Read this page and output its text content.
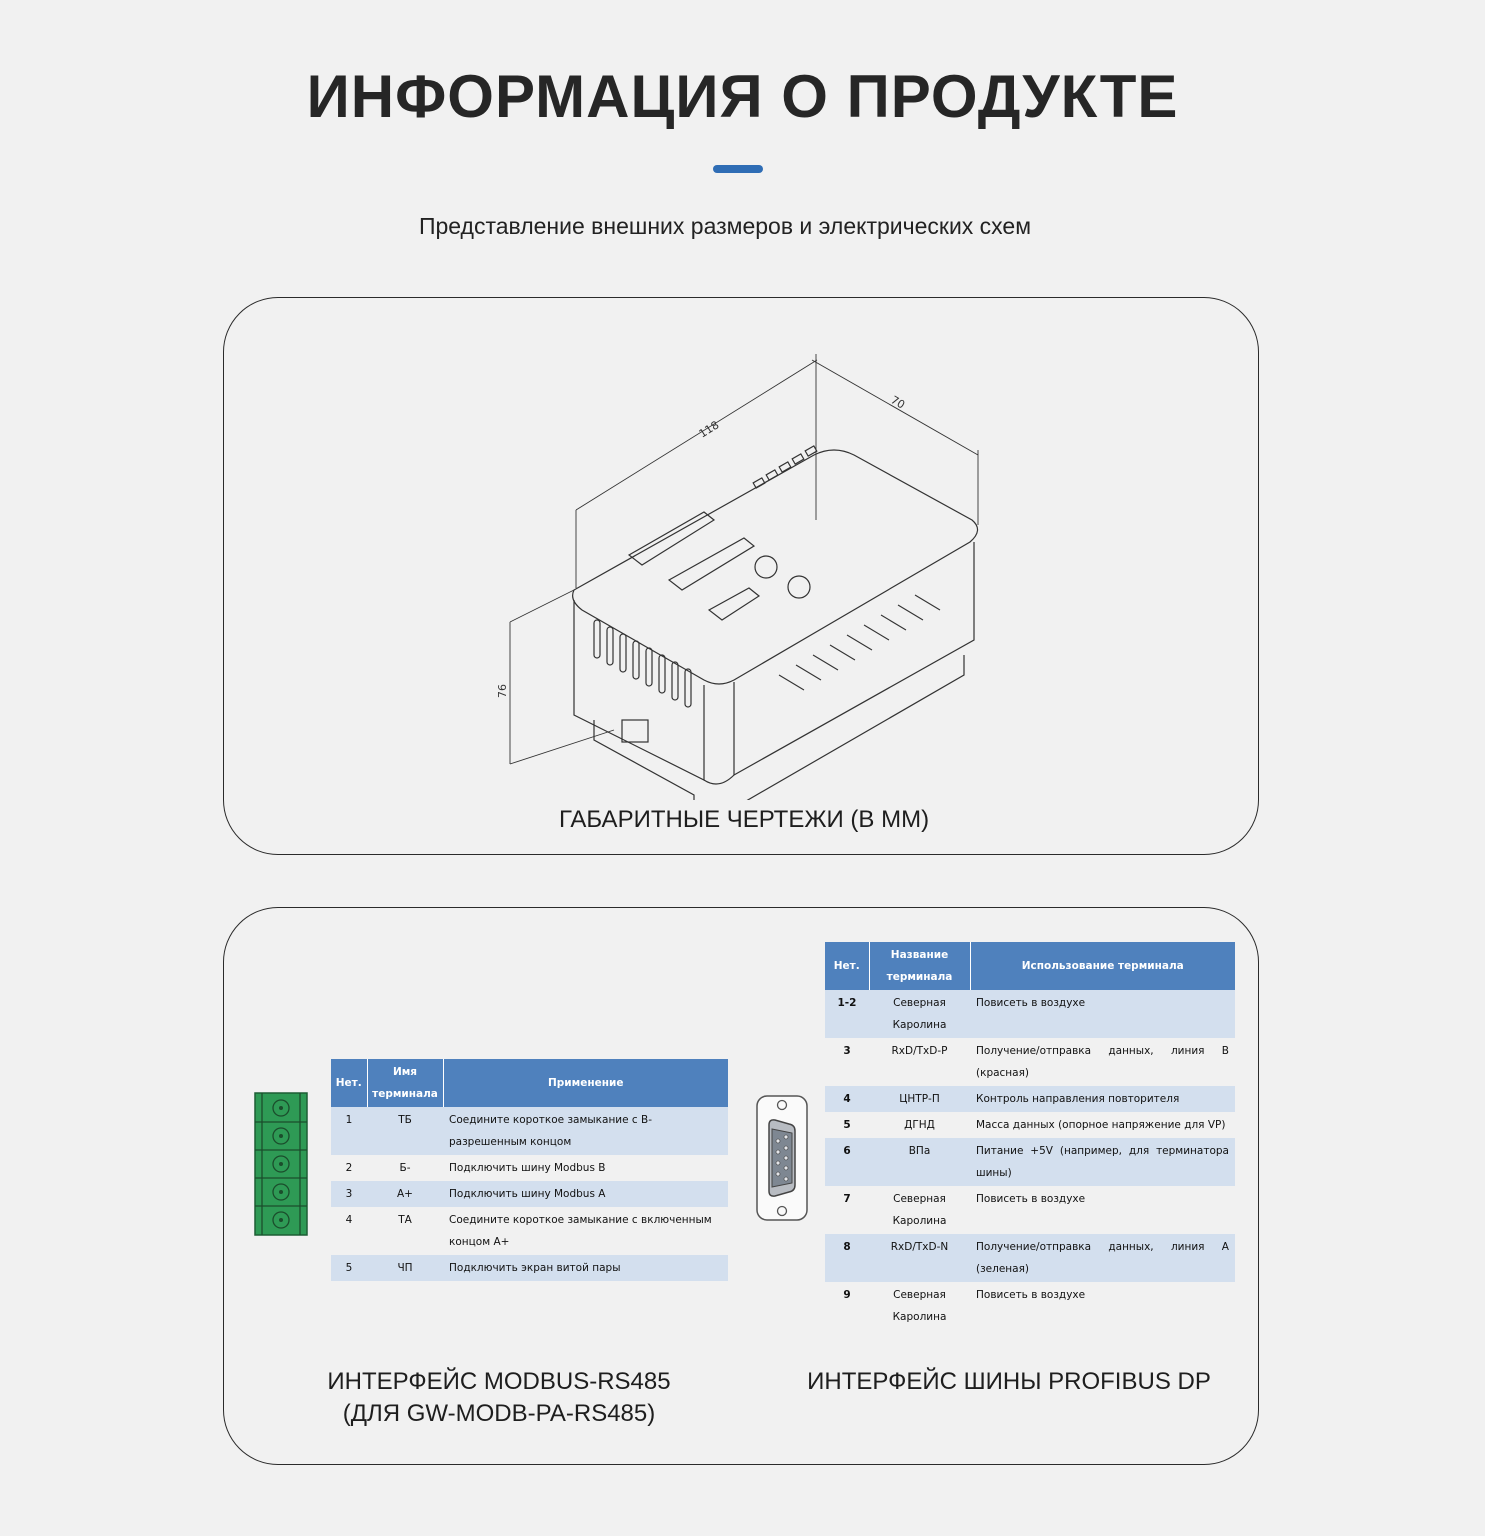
ИНФОРМАЦИЯ О ПРОДУКТЕ
Представление внешних размеров и электрических схем
118
70
76
ГАБАРИТНЫЕ ЧЕРТЕЖИ (В ММ)
Нет.	Имя терминала	Применение
1	ТБ	Соедините короткое замыкание с B-разрешенным концом
2	Б-	Подключить шину Modbus B
3	А+	Подключить шину Modbus A
4	ТА	Соедините короткое замыкание с включенным концом A+
5	ЧП	Подключить экран витой пары
Нет.	Название терминала	Использование терминала
1-2	Северная Каролина	Повисеть в воздухе
3	RxD/TxD-P	Получение/отправка данных, линия B (красная)
4	ЦНТР-П	Контроль направления повторителя
5	ДГНД	Масса данных (опорное напряжение для VP)
6	ВПа	Питание +5V (например, для терминатора шины)
7	Северная Каролина	Повисеть в воздухе
8	RxD/TxD-N	Получение/отправка данных, линия A (зеленая)
9	Северная Каролина	Повисеть в воздухе
ИНТЕРФЕЙС MODBUS-RS485
(ДЛЯ GW-MODB-PA-RS485)
ИНТЕРФЕЙС ШИНЫ PROFIBUS DP
